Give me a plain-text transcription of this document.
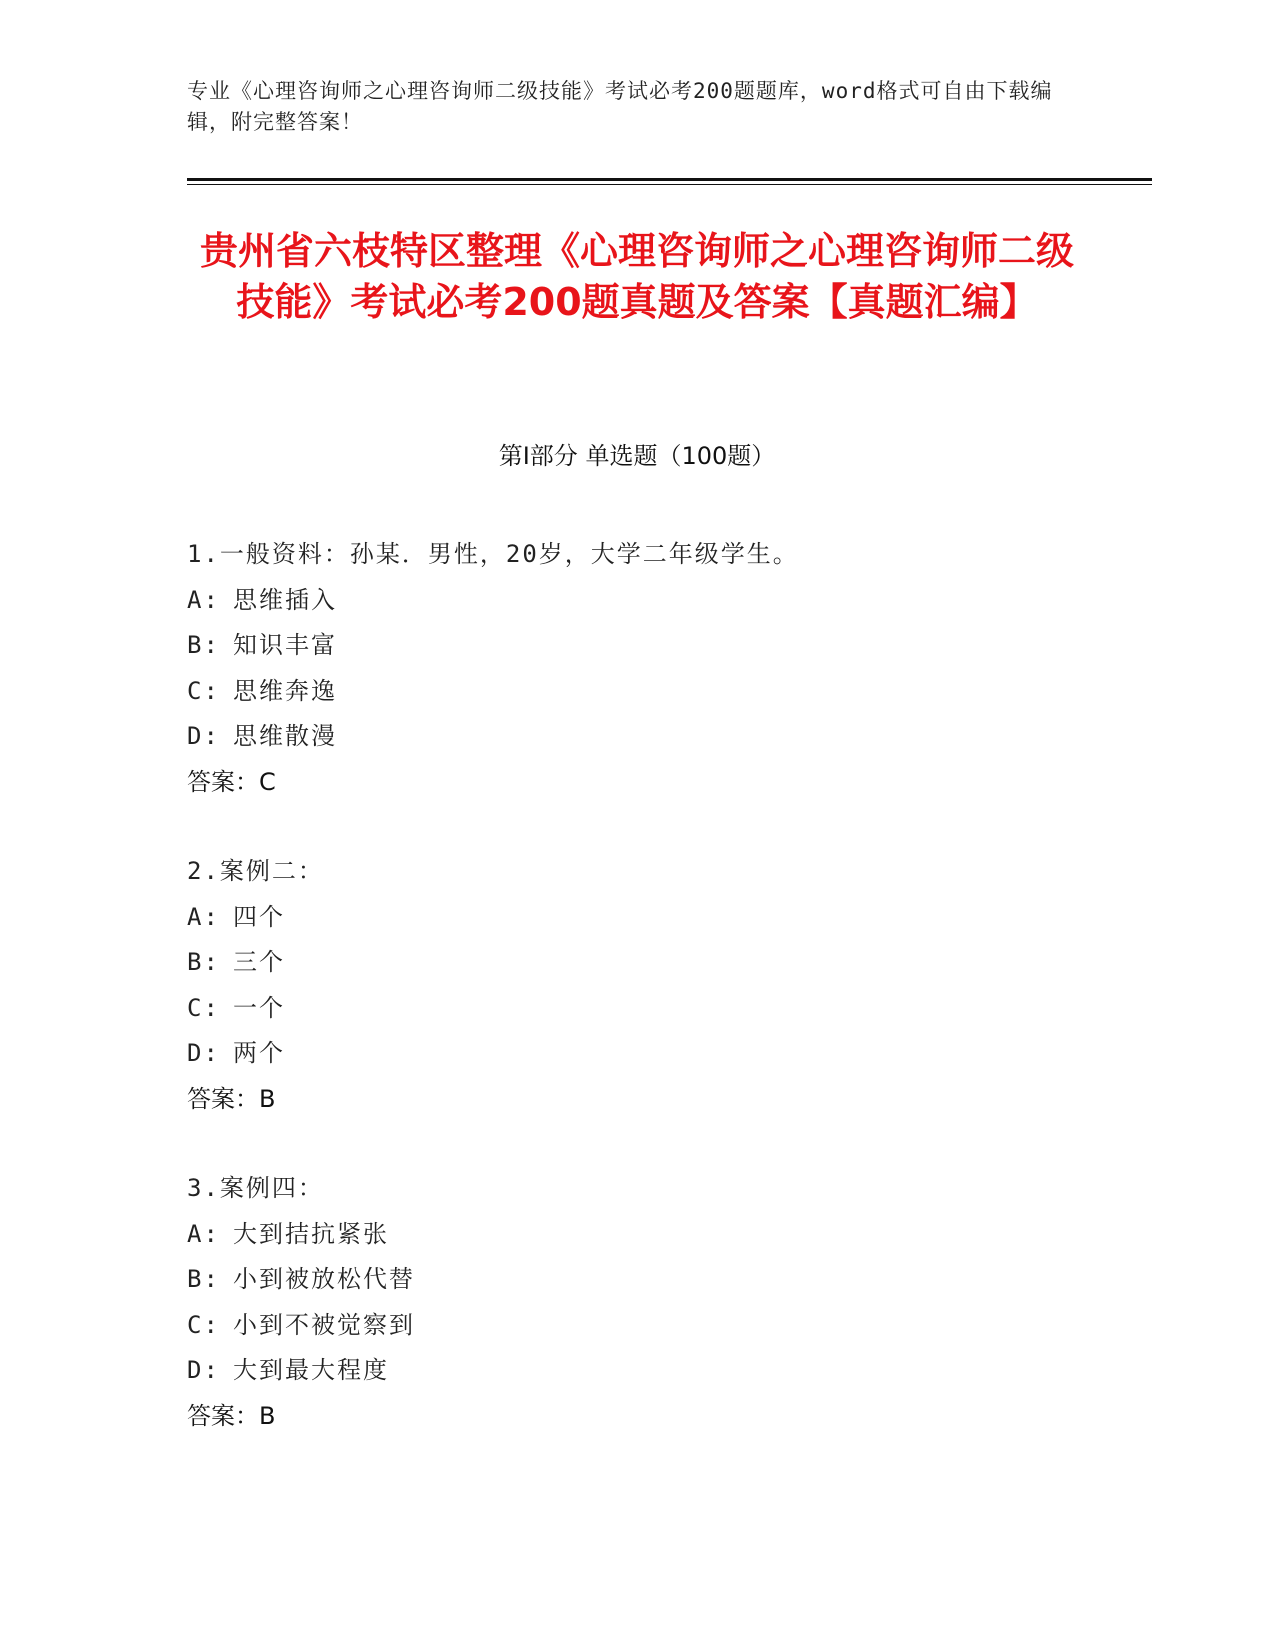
专业《心理咨询师之心理咨询师二级技能》考试必考200题题库，word格式可自由下载编辑，附完整答案！
贵州省六枝特区整理《心理咨询师之心理咨询师二级技能》考试必考200题真题及答案【真题汇编】
第I部分 单选题（100题）
1.一般资料：孙某．男性，20岁，大学二年级学生。
A: 思维插入
B: 知识丰富
C: 思维奔逸
D: 思维散漫
答案：C
2.案例二：
A: 四个
B: 三个
C: 一个
D: 两个
答案：B
3.案例四：
A: 大到拮抗紧张
B: 小到被放松代替
C: 小到不被觉察到
D: 大到最大程度
答案：B
